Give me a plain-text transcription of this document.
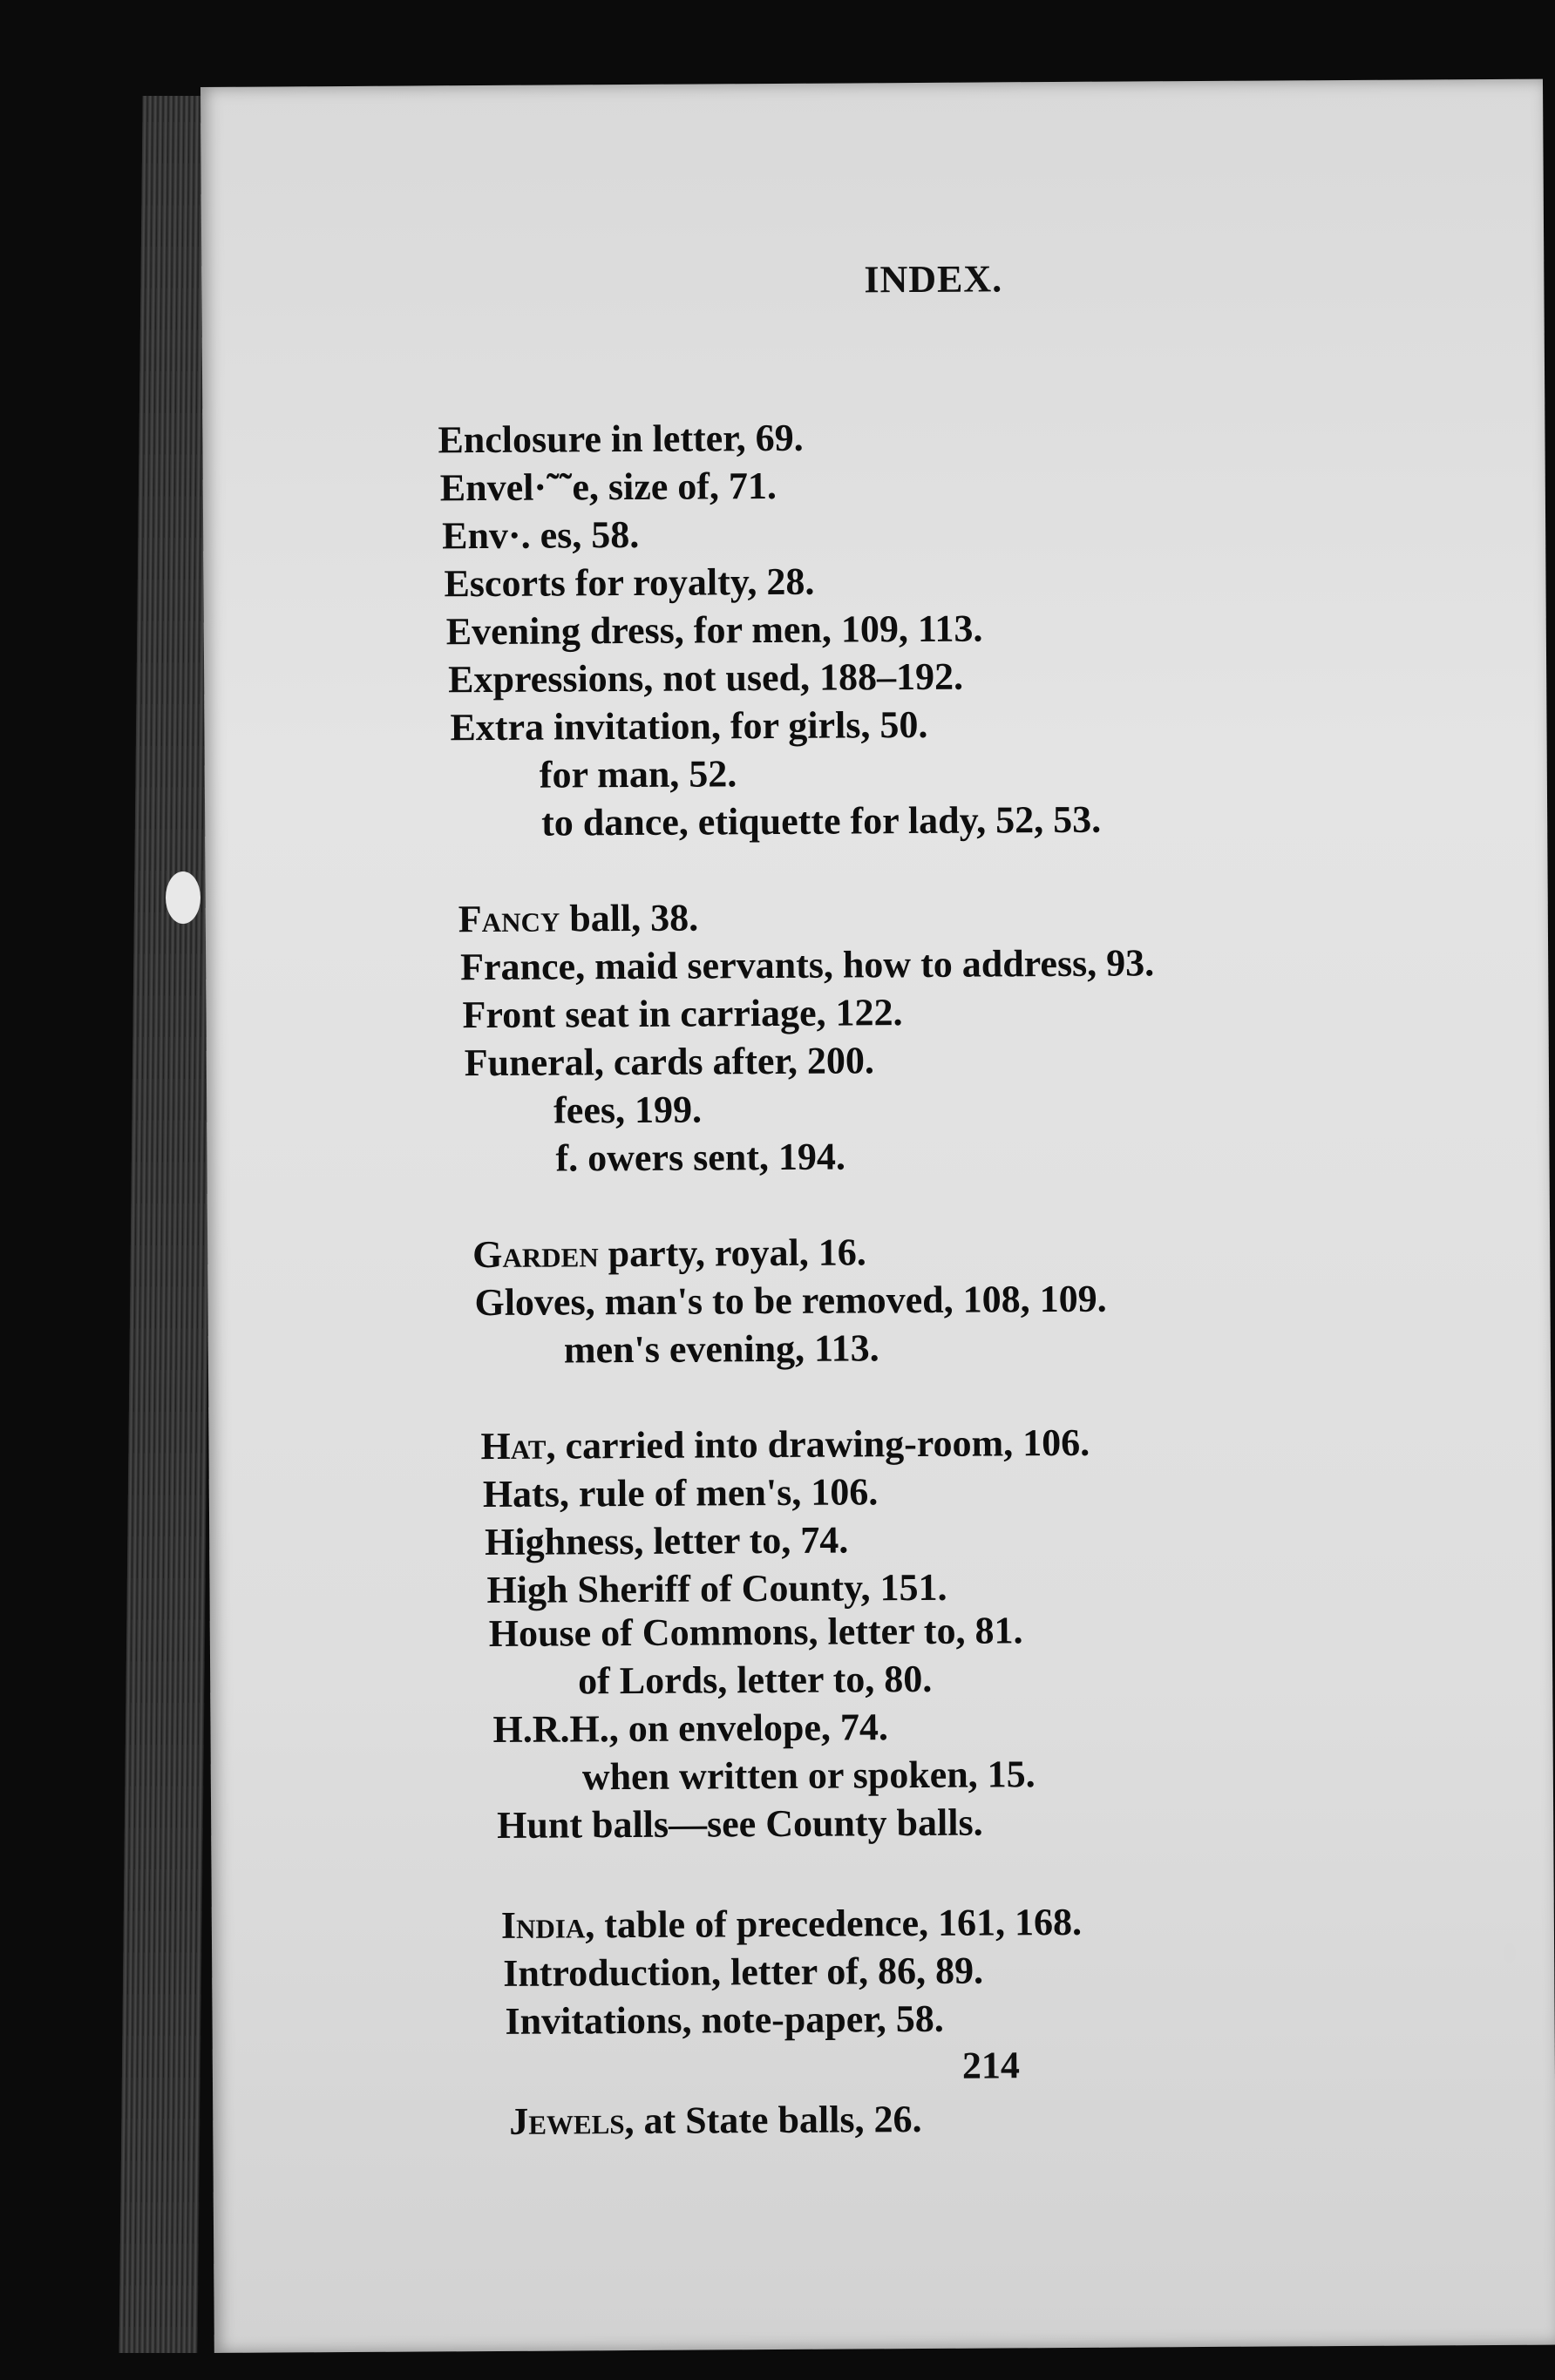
INDEX.
Enclosure in letter, 69.
Envel·˜˜e, size of, 71.
Env·. es, 58.
Escorts for royalty, 28.
Evening dress, for men, 109, 113.
Expressions, not used, 188–192.
Extra invitation, for girls, 50.
for man, 52.
to dance, etiquette for lady, 52, 53.
Fancy ball, 38.
France, maid servants, how to address, 93.
Front seat in carriage, 122.
Funeral, cards after, 200.
fees, 199.
f. owers sent, 194.
Garden party, royal, 16.
Gloves, man's to be removed, 108, 109.
men's evening, 113.
Hat, carried into drawing-room, 106.
Hats, rule of men's, 106.
Highness, letter to, 74.
High Sheriff of County, 151.
House of Commons, letter to, 81.
of Lords, letter to, 80.
H.R.H., on envelope, 74.
when written or spoken, 15.
Hunt balls—see County balls.
India, table of precedence, 161, 168.
Introduction, letter of, 86, 89.
Invitations, note-paper, 58.
Jewels, at State balls, 26.
214
